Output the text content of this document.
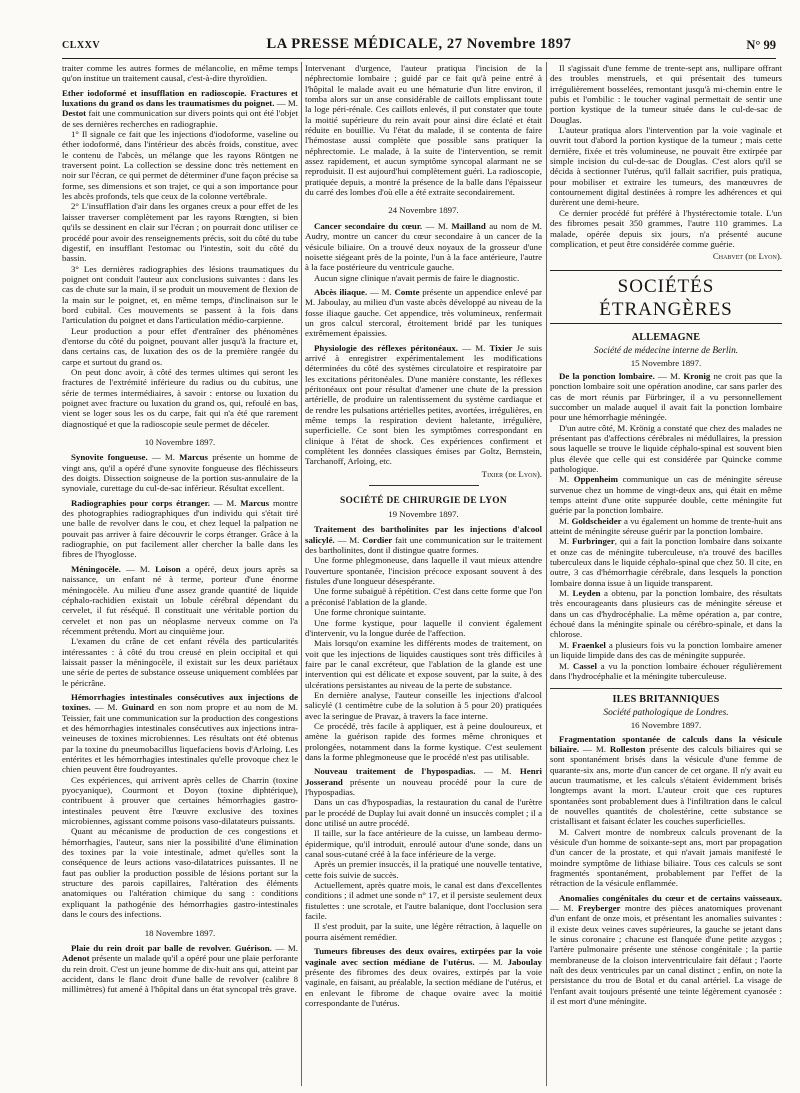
CLXXV	LA PRESSE MÉDICALE, 27 Novembre 1897	N° 99

traiter comme les autres formes de mélancolie, en même temps qu'on institue un traitement causal, c'est-à-dire thyroïdien.

Ether iodoformé et insufflation en radioscopie. Fractures et luxations du grand os dans les traumatismes du poignet. — M. Destot fait une communication sur divers points qui ont été l'objet de ses dernières recherches en radiographie.

1° Il signale ce fait que les injections d'iodoforme, vaseline ou éther iodoformé, dans l'intérieur des abcès froids, constitue, avec le contenu de l'abcès, un mélange que les rayons Röntgen ne traversent point. La collection se dessine donc très nettement en noir sur l'écran, ce qui permet de déterminer d'une façon précise sa forme, ses dimensions et son trajet, ce qui a son importance pour les abcès profonds, tels que ceux de la colonne vertébrale.

2° L'insufflation d'air dans les organes creux a pour effet de les laisser traverser complètement par les rayons Rœngten, si bien qu'ils se dessinent en clair sur l'écran ; on pourrait donc utiliser ce procédé pour avoir des renseignements précis, soit du côté du tube digestif, en insufflant l'estomac ou l'intestin, soit du côté du bassin.

3° Les dernières radiographies des lésions traumatiques du poignet ont conduit l'auteur aux conclusions suivantes : dans les cas de chute sur la main, il se produit un mouvement de flexion de la main sur le poignet, et, en même temps, d'inclinaison sur le bord cubital. Ces mouvements se passent à la fois dans l'articulation du poignet et dans l'articulation médio-carpienne.

Leur production a pour effet d'entraîner des phénomènes d'entorse du côté du poignet, pouvant aller jusqu'à la fracture et, dans certains cas, de luxation des os de la première rangée du carpe et surtout du grand os.

On peut donc avoir, à côté des termes ultimes qui seront les fractures de l'extrémité inférieure du radius ou du cubitus, une série de termes intermédiaires, à savoir : entorse ou luxation du poignet avec fracture ou luxation du grand os, qui, refoulé en bas, vient se loger sous les os du carpe, fait qui n'a été que rarement diagnostiqué et que la radioscopie seule permet de déceler.

10 Novembre 1897.

Synovite fongueuse. — M. Marcus présente un homme de vingt ans, qu'il a opéré d'une synovite fongueuse des fléchisseurs des doigts. Dissection soigneuse de la portion sus-annulaire de la synoviale, curettage du cul-de-sac inférieur. Résultat excellent.

Radiographies pour corps étranger. — M. Marcus montre des photographies radiographiques d'un individu qui s'était tiré une balle de revolver dans le cou, et chez lequel la palpation ne pouvait pas arriver à faire découvrir le corps étranger. Grâce à la radiographie, on put facilement aller chercher la balle dans les fibres de l'hyoglosse.

Méningocèle. — M. Loison a opéré, deux jours après sa naissance, un enfant né à terme, porteur d'une énorme méningocèle. Au milieu d'une assez grande quantité de liquide céphalo-rachidien existait un lobule cérébral dépendant du cervelet, il fut réséqué. Il constituait une véritable portion du cervelet et non pas un néoplasme nerveux comme on l'a récemment prétendu. Mort au cinquième jour.

L'examen du crâne de cet enfant révéla des particularités intéressantes : à côté du trou creusé en plein occipital et qui laissait passer la méningocèle, il existait sur les deux pariétaux une série de pertes de substance osseuse uniquement comblées par le péricrâne.

Hémorrhagies intestinales consécutives aux injections de toxines. — M. Guinard en son nom propre et au nom de M. Teissier, fait une communication sur la production des congestions et des hémorrhagies intestinales consécutives aux injections intra-veineuses de toxines microbiennes. Les résultats ont été obtenus par la toxine du pneumobacillus liquefaciens bovis d'Arloing. Les entérites et les hémorrhagies intestinales qu'elle provoque chez le chien peuvent être foudroyantes.

Ces expériences, qui arrivent après celles de Charrin (toxine pyocyanique), Courmont et Doyon (toxine diphtérique), contribuent à prouver que certaines hémorrhagies gastro-intestinales peuvent être l'œuvre exclusive des toxines microbiennes, agissant comme poisons vaso-dilatateurs puissants.

Quant au mécanisme de production de ces congestions et hémorrhagies, l'auteur, sans nier la possibilité d'une élimination des toxines par la voie intestinale, admet qu'elles sont la conséquence de leurs actions vaso-dilatatrices puissantes. Il ne faut pas oublier la production possible de lésions portant sur la structure des parois capillaires, l'altération des éléments anatomiques ou l'altération chimique du sang : conditions expliquant la pathogénie des hémorrhagies gastro-intestinales dans le cours des infections.

18 Novembre 1897.

Plaie du rein droit par balle de revolver. Guérison. — M. Adenot présente un malade qu'il a opéré pour une plaie perforante du rein droit. C'est un jeune homme de dix-huit ans qui, atteint par accident, dans le flanc droit d'une balle de revolver (calibre 8 millimètres) fut amené à l'hôpital dans un état syncopal très grave.

Intervenant d'urgence, l'auteur pratiqua l'incision de la néphrectomie lombaire ; guidé par ce fait qu'à peine entré à l'hôpital le malade avait eu une hématurie d'un litre environ, il tomba alors sur un anse considérable de caillots emplissant toute la loge péri-rénale. Ces caillots enlevés, il put constater que toute la moitié supérieure du rein avait pour ainsi dire éclaté et était réduite en bouillie. Vu l'état du malade, il se contenta de faire l'hémostase aussi complète que possible sans pratiquer la néphrectomie. Le malade, à la suite de l'intervention, se remit assez rapidement, et aucun symptôme syncopal alarmant ne se reproduisit. Il est aujourd'hui complètement guéri. La radioscopie, pratiquée depuis, a montré la présence de la balle dans l'épaisseur du carré des lombes d'où elle a été extraite secondairement.

24 Novembre 1897.

Cancer secondaire du cœur. — M. Mailland au nom de M. Audry, montre un cancer du cœur secondaire à un cancer de la vésicule biliaire. On a trouvé deux noyaux de la grosseur d'une noisette siégeant près de la pointe, l'un à la face antérieure, l'autre à la face postérieure du ventricule gauche.

Aucun signe clinique n'avait permis de faire le diagnostic.

Abcès iliaque. — M. Comte présente un appendice enlevé par M. Jaboulay, au milieu d'un vaste abcès développé au niveau de la fosse iliaque gauche. Cet appendice, très volumineux, renfermait un gros calcul stercoral, étroitement bridé par les tuniques extrêmement épaissies.

Physiologie des réflexes péritonéaux. — M. Tixier Je suis arrivé à enregistrer expérimentalement les modifications déterminées du côté des systèmes circulatoire et respiratoire par les excitations péritonéales. D'une manière constante, les réflexes péritonéaux ont pour résultat d'amener une chute de la pression artérielle, de produire un ralentissement du système cardiaque et de rendre les pulsations artérielles petites, avortées, irrégulières, en même temps la respiration devient haletante, irrégulière, superficielle. Ce sont bien les symptômes correspondant en clinique à l'état de shock. Ces expériences confirment et complètent les données classiques émises par Goltz, Bernstein, Tarchanoff, Arloing, etc.

Tixier (de Lyon).

SOCIÉTÉ DE CHIRURGIE DE LYON
19 Novembre 1897.

Traitement des bartholinites par les injections d'alcool salicylé. — M. Cordier fait une communication sur le traitement des bartholinites, dont il distingue quatre formes.

Une forme phlegmoneuse, dans laquelle il vaut mieux attendre l'ouverture spontanée, l'incision précoce exposant souvent à des fistules d'une longueur désespérante.

Une forme subaiguë à répétition. C'est dans cette forme que l'on a préconisé l'ablation de la glande.

Une forme chronique suintante.

Une forme kystique, pour laquelle il convient également d'intervenir, vu la longue durée de l'affection.

Mais lorsqu'on examine les différents modes de traitement, on voit que les injections de liquides caustiques sont très difficiles à faire par le canal excréteur, que l'ablation de la glande est une intervention qui est délicate et expose souvent, par la suite, à des ulcérations persistantes au niveau de la perte de substance.

En dernière analyse, l'auteur conseille les injections d'alcool salicylé (1 centimètre cube de la solution à 5 pour 20) pratiquées avec la seringue de Pravaz, à travers la face interne.

Ce procédé, très facile à appliquer, est à peine douloureux, et amène la guérison rapide des formes même chroniques et prolongées, notamment dans la forme kystique. C'est seulement dans la forme phlegmoneuse que le procédé n'est pas utilisable.

Nouveau traitement de l'hypospadias. — M. Henri Josserand présente un nouveau procédé pour la cure de l'hypospadias.

Dans un cas d'hypospadias, la restauration du canal de l'urètre par le procédé de Duplay lui avait donné un insuccès complet ; il a donc utilisé un autre procédé.

Il taille, sur la face antérieure de la cuisse, un lambeau dermo-épidermique, qu'il introduit, enroulé autour d'une sonde, dans un canal sous-cutané créé à la face inférieure de la verge.

Après un premier insuccès, il la pratiqué une nouvelle tentative, cette fois suivie de succès.

Actuellement, après quatre mois, le canal est dans d'excellentes conditions ; il admet une sonde n° 17, et il persiste seulement deux fistulettes : une scrotale, et l'autre balanique, dont l'occlusion sera facile.

Il s'est produit, par la suite, une légère rétraction, à laquelle on pourra aisément remédier.

Tumeurs fibreuses des deux ovaires, extirpées par la voie vaginale avec section médiane de l'utérus. — M. Jaboulay présente des fibromes des deux ovaires, extirpés par la voie vaginale, en faisant, au préalable, la section médiane de l'utérus, et en enlevant le fibrome de chaque ovaire avec la moitié correspondante de l'utérus.

Il s'agissait d'une femme de trente-sept ans, nullipare offrant des troubles menstruels, et qui présentait des tumeurs irrégulièrement bosselées, remontant jusqu'à mi-chemin entre le pubis et l'ombilic : le toucher vaginal permettait de sentir une portion kystique de la tumeur située dans le cul-de-sac de Douglas.

L'auteur pratiqua alors l'intervention par la voie vaginale et ouvrit tout d'abord la portion kystique de la tumeur ; mais cette dernière, fixée et très volumineuse, ne pouvait être extirpée par simple incision du cul-de-sac de Douglas. C'est alors qu'il se décida à sectionner l'utérus, qu'il fallait sacrifier, puis pratiqua, pour mobiliser et extraire les tumeurs, des manœuvres de contournement digital destinées à rompre les adhérences et qui durèrent une demi-heure.

Ce dernier procédé fut préféré à l'hystérectomie totale. L'un des fibromes pesait 350 grammes, l'autre 110 grammes. La malade, opérée depuis six jours, n'a présenté aucune complication, et peut être considérée comme guérie.

Chabvet (de Lyon).

SOCIÉTÉS ÉTRANGÈRES
ALLEMAGNE
Société de médecine interne de Berlin.
15 Novembre 1897.

De la ponction lombaire. — M. Kronig ne croit pas que la ponction lombaire soit une opération anodine, car sans parler des cas de mort réunis par Fürbringer, il a vu personnellement succomber un malade auquel il avait fait la ponction lombaire pour une hémorrhagie méningée.

D'un autre côté, M. Krönig a constaté que chez des malades ne présentant pas d'affections cérébrales ni médullaires, la pression sous laquelle se trouve le liquide céphalo-spinal est souvent bien plus élevée que celle qui est considérée par Quincke comme pathologique.

M. Oppenheim communique un cas de méningite séreuse survenue chez un homme de vingt-deux ans, qui était en même temps atteint d'une otite suppurée double, cette méningite fut guérie par la ponction lombaire.

M. Goldscheider a vu également un homme de trente-huit ans atteint de méningite séreuse guérir par la ponction lombaire.

M. Furbringer, qui a fait la ponction lombaire dans soixante et onze cas de méningite tuberculeuse, n'a trouvé des bacilles tuberculeux dans le liquide céphalo-spinal que chez 50. Il cite, en outre, 3 cas d'hémorrhagie cérébrale, dans lesquels la ponction lombaire donna issue à un liquide transparent.

M. Leyden a obtenu, par la ponction lombaire, des résultats très encourageants dans plusieurs cas de méningite séreuse et dans un cas d'hydrocéphalie. La même opération a, par contre, échoué dans la méningite spinale ou cérébro-spinale, et dans la chlorose.

M. Fraenkel a plusieurs fois vu la ponction lombaire amener un liquide limpide dans des cas de méningite suppurée.

M. Cassel a vu la ponction lombaire échouer régulièrement dans l'hydrocéphalie et la méningite tuberculeuse.

ILES BRITANNIQUES
Société pathologique de Londres.
16 Novembre 1897.

Fragmentation spontanée de calculs dans la vésicule biliaire. — M. Rolleston présente des calculs biliaires qui se sont spontanément brisés dans la vésicule d'une femme de quarante-six ans, morte d'un cancer de cet organe. Il n'y avait eu aucun traumatisme, et les calculs s'étaient évidemment brisés longtemps avant la mort. L'auteur croit que ces ruptures spontanées sont probablement dues à l'infiltration dans le calcul de nouvelles quantités de cholestérine, cette substance se cristallisant et faisant éclater les couches superficielles.

M. Calvert montre de nombreux calculs provenant de la vésicule d'un homme de soixante-sept ans, mort par propagation d'un cancer de la prostate, et qui n'avait jamais manifesté le moindre symptôme de lithiase biliaire. Tous ces calculs se sont fragmentés spontanément, probablement par l'effet de la rétraction de la vésicule enflammée.

Anomalies congénitales du cœur et de certains vaisseaux. — M. Freyberger montre des pièces anatomiques provenant d'un enfant de onze mois, et présentant les anomalies suivantes : il existe deux veines caves supérieures, la gauche se jetant dans le sinus coronaire ; chacune est flanquée d'une petite azygos ; l'artère pulmonaire présente une sténose congénitale ; la partie membraneuse de la cloison interventriculaire fait défaut ; l'aorte naît des deux ventricules par un canal distinct ; enfin, on note la persistance du trou de Botal et du canal artériel. La visage de l'enfant avait toujours présenté une teinte légèrement cyanosée : il est mort d'une méningite.
